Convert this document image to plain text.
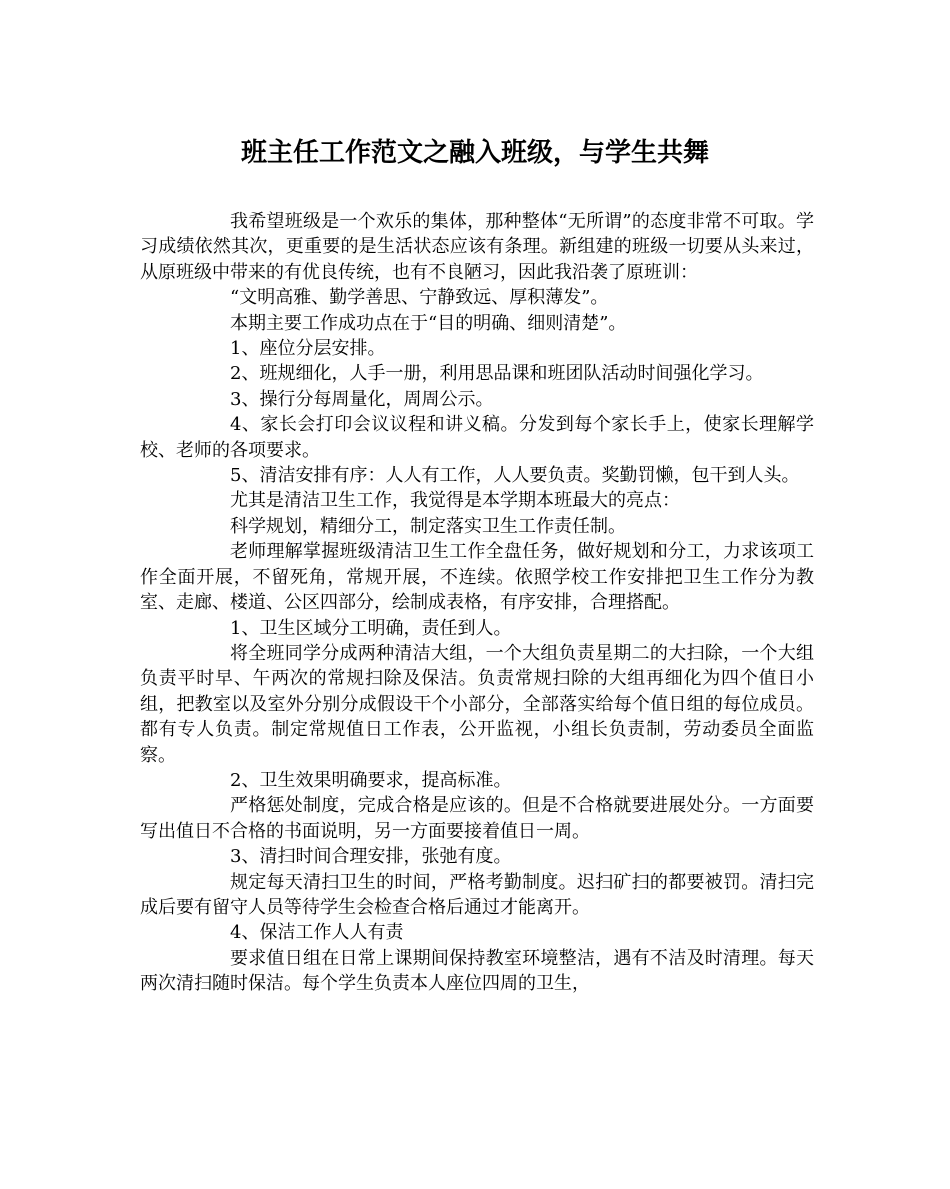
班主任工作范文之融入班级，与学生共舞

我希望班级是一个欢乐的集体，那种整体“无所谓”的态度非常不可取。学习成绩依然其次，更重要的是生活状态应该有条理。新组建的班级一切要从头来过，从原班级中带来的有优良传统，也有不良陋习，因此我沿袭了原班训：

“文明高雅、勤学善思、宁静致远、厚积薄发”。

本期主要工作成功点在于“目的明确、细则清楚”。

1、座位分层安排。

2、班规细化，人手一册，利用思品课和班团队活动时间强化学习。

3、操行分每周量化，周周公示。

4、家长会打印会议议程和讲义稿。分发到每个家长手上，使家长理解学校、老师的各项要求。

5、清洁安排有序：人人有工作，人人要负责。奖勤罚懒，包干到人头。

尤其是清洁卫生工作，我觉得是本学期本班最大的亮点：

科学规划，精细分工，制定落实卫生工作责任制。

老师理解掌握班级清洁卫生工作全盘任务，做好规划和分工，力求该项工作全面开展，不留死角，常规开展，不连续。依照学校工作安排把卫生工作分为教室、走廊、楼道、公区四部分，绘制成表格，有序安排，合理搭配。

1、卫生区域分工明确，责任到人。

将全班同学分成两种清洁大组，一个大组负责星期二的大扫除，一个大组负责平时早、午两次的常规扫除及保洁。负责常规扫除的大组再细化为四个值日小组，把教室以及室外分别分成假设干个小部分，全部落实给每个值日组的每位成员。都有专人负责。制定常规值日工作表，公开监视，小组长负责制，劳动委员全面监察。

2、卫生效果明确要求，提高标准。

严格惩处制度，完成合格是应该的。但是不合格就要进展处分。一方面要写出值日不合格的书面说明，另一方面要接着值日一周。

3、清扫时间合理安排，张弛有度。

规定每天清扫卫生的时间，严格考勤制度。迟扫矿扫的都要被罚。清扫完成后要有留守人员等待学生会检查合格后通过才能离开。

4、保洁工作人人有责

要求值日组在日常上课期间保持教室环境整洁，遇有不洁及时清理。每天两次清扫随时保洁。每个学生负责本人座位四周的卫生，
